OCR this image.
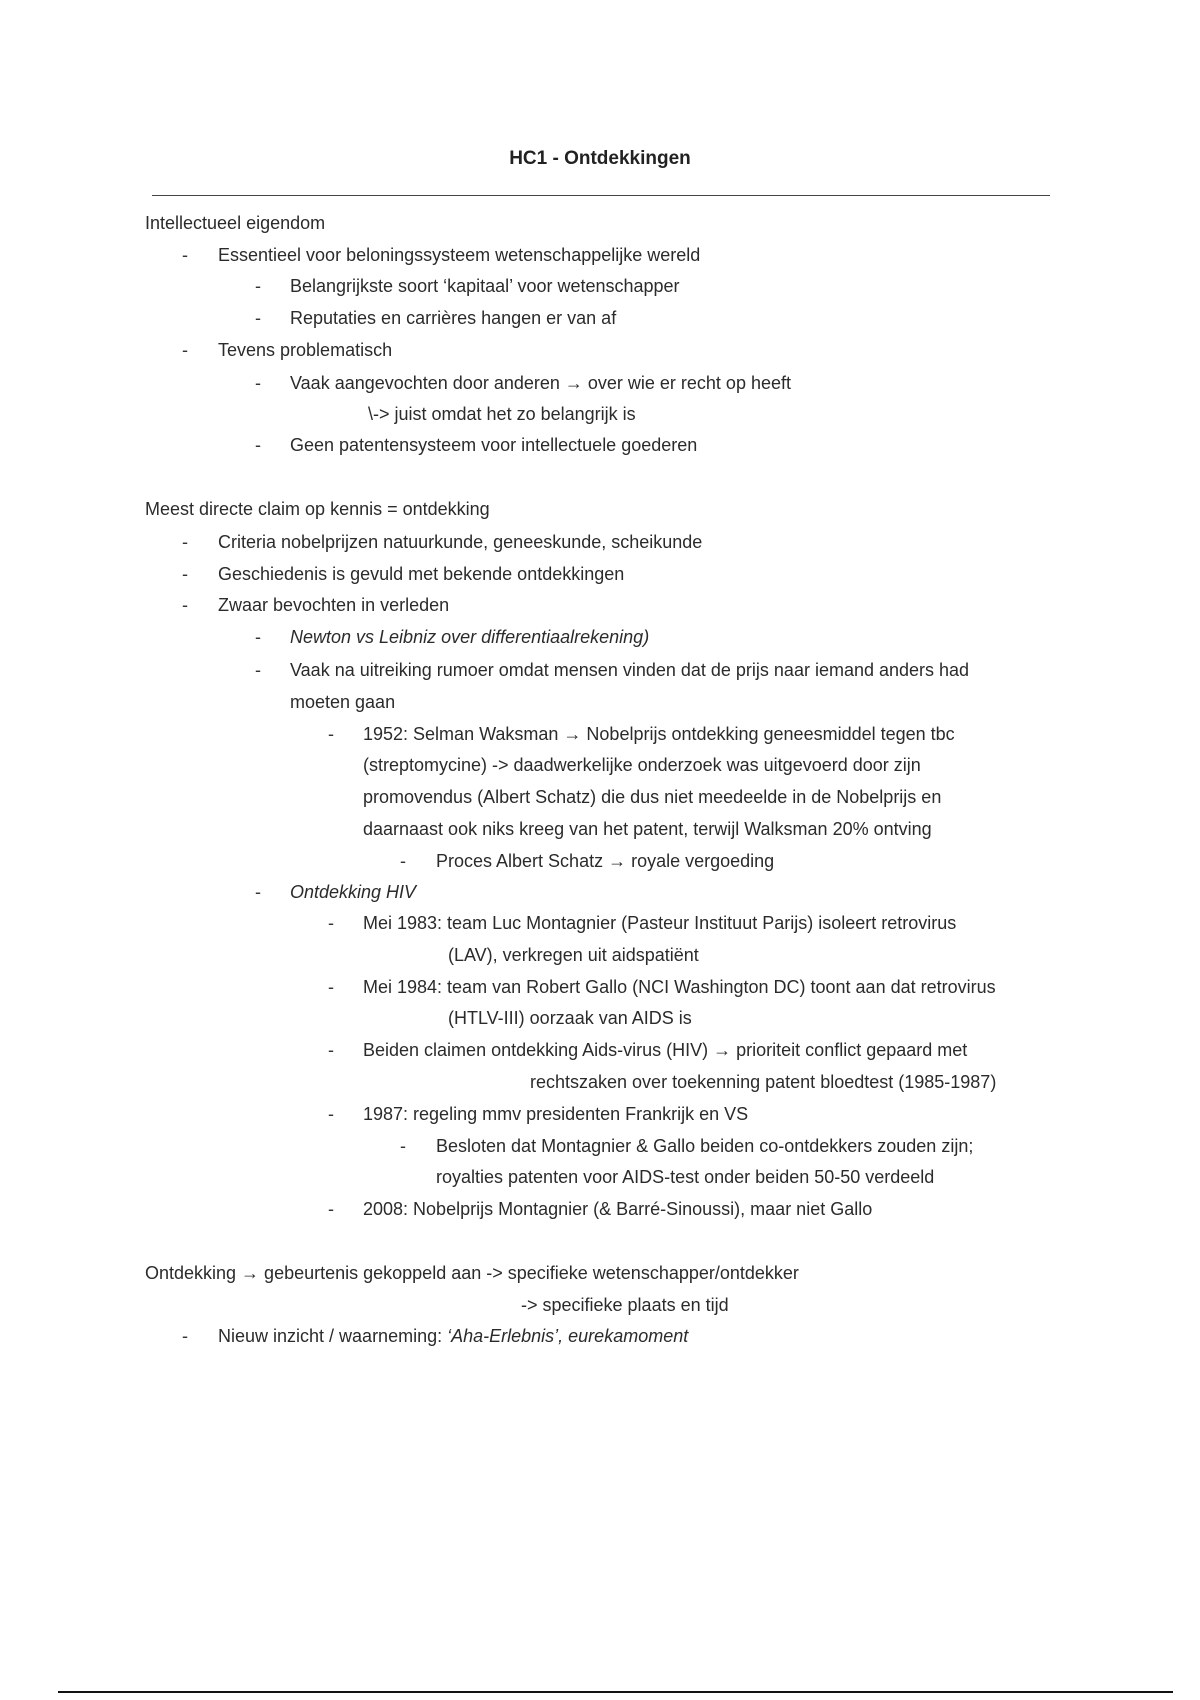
HC1 - Ontdekkingen
Intellectueel eigendom
- Essentieel voor beloningssysteem wetenschappelijke wereld
- Belangrijkste soort ‘kapitaal’ voor wetenschapper
- Reputaties en carrières hangen er van af
- Tevens problematisch
- Vaak aangevochten door anderen → over wie er recht op heeft
\-> juist omdat het zo belangrijk is
- Geen patentensysteem voor intellectuele goederen
Meest directe claim op kennis = ontdekking
- Criteria nobelprijzen natuurkunde, geneeskunde, scheikunde
- Geschiedenis is gevuld met bekende ontdekkingen
- Zwaar bevochten in verleden
- Newton vs Leibniz over differentiaalrekening)
- Vaak na uitreiking rumoer omdat mensen vinden dat de prijs naar iemand anders had
moeten gaan
- 1952: Selman Waksman → Nobelprijs ontdekking geneesmiddel tegen tbc
(streptomycine) -> daadwerkelijke onderzoek was uitgevoerd door zijn
promovendus (Albert Schatz) die dus niet meedeelde in de Nobelprijs en
daarnaast ook niks kreeg van het patent, terwijl Walksman 20% ontving
- Proces Albert Schatz → royale vergoeding
- Ontdekking HIV
- Mei 1983: team Luc Montagnier (Pasteur Instituut Parijs) isoleert retrovirus
(LAV), verkregen uit aidspatiënt
- Mei 1984: team van Robert Gallo (NCI Washington DC) toont aan dat retrovirus
(HTLV-III) oorzaak van AIDS is
- Beiden claimen ontdekking Aids-virus (HIV) → prioriteit conflict gepaard met
rechtszaken over toekenning patent bloedtest (1985-1987)
- 1987: regeling mmv presidenten Frankrijk en VS
- Besloten dat Montagnier & Gallo beiden co-ontdekkers zouden zijn;
royalties patenten voor AIDS-test onder beiden 50-50 verdeeld
- 2008: Nobelprijs Montagnier (& Barré-Sinoussi), maar niet Gallo
Ontdekking → gebeurtenis gekoppeld aan -> specifieke wetenschapper/ontdekker
-> specifieke plaats en tijd
- Nieuw inzicht / waarneming: ‘Aha-Erlebnis’, eurekamoment
